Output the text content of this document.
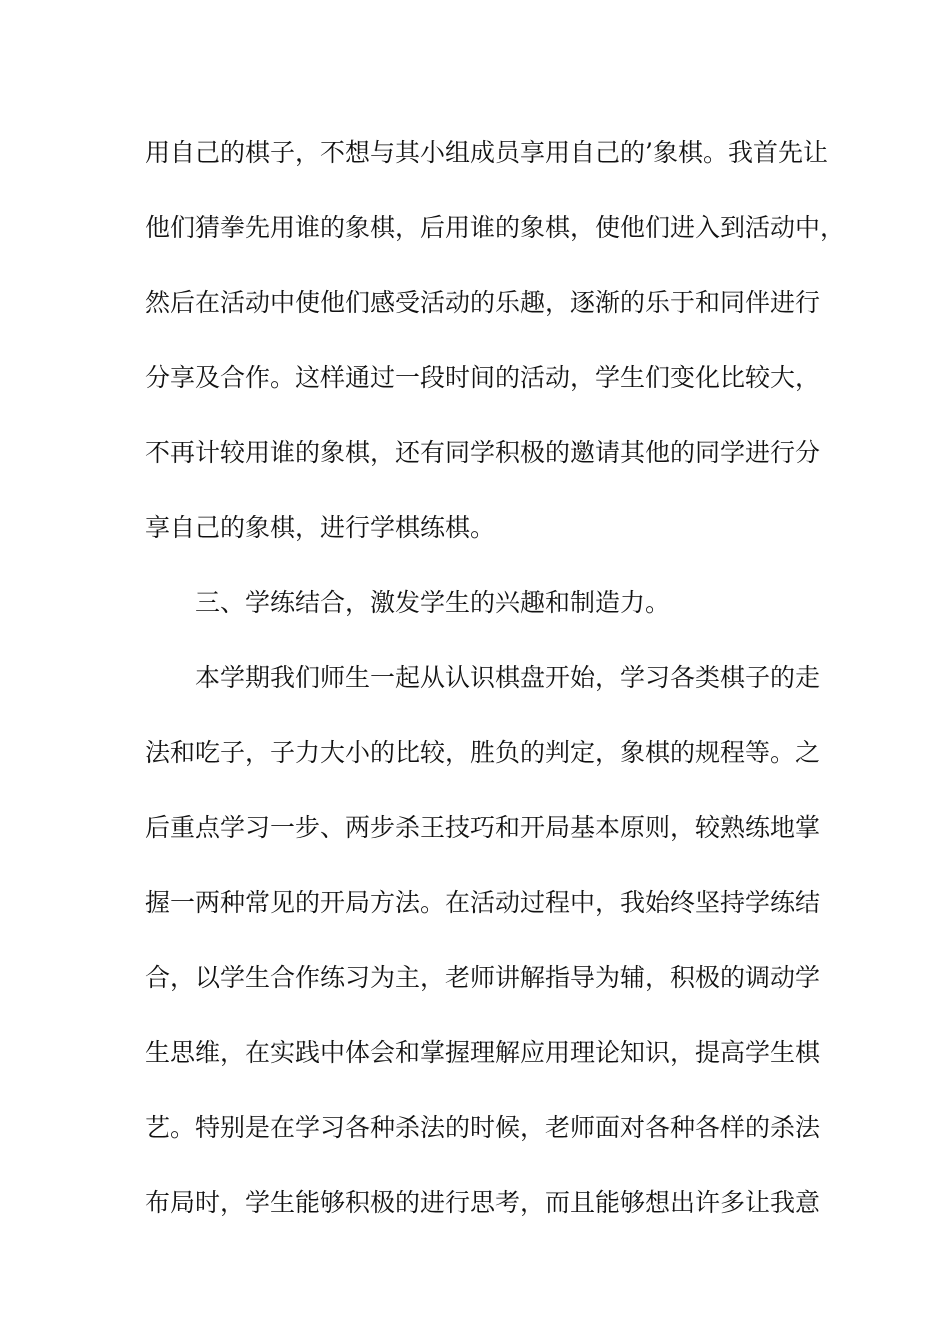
用自己的棋子，不想与其小组成员享用自己的’象棋。我首先让
他们猜拳先用谁的象棋，后用谁的象棋，使他们进入到活动中，
然后在活动中使他们感受活动的乐趣，逐渐的乐于和同伴进行
分享及合作。这样通过一段时间的活动，学生们变化比较大，
不再计较用谁的象棋，还有同学积极的邀请其他的同学进行分
享自己的象棋，进行学棋练棋。
三、学练结合，激发学生的兴趣和制造力。
本学期我们师生一起从认识棋盘开始，学习各类棋子的走
法和吃子，子力大小的比较，胜负的判定，象棋的规程等。之
后重点学习一步、两步杀王技巧和开局基本原则，较熟练地掌
握一两种常见的开局方法。在活动过程中，我始终坚持学练结
合，以学生合作练习为主，老师讲解指导为辅，积极的调动学
生思维，在实践中体会和掌握理解应用理论知识，提高学生棋
艺。特别是在学习各种杀法的时候，老师面对各种各样的杀法
布局时，学生能够积极的进行思考，而且能够想出许多让我意
